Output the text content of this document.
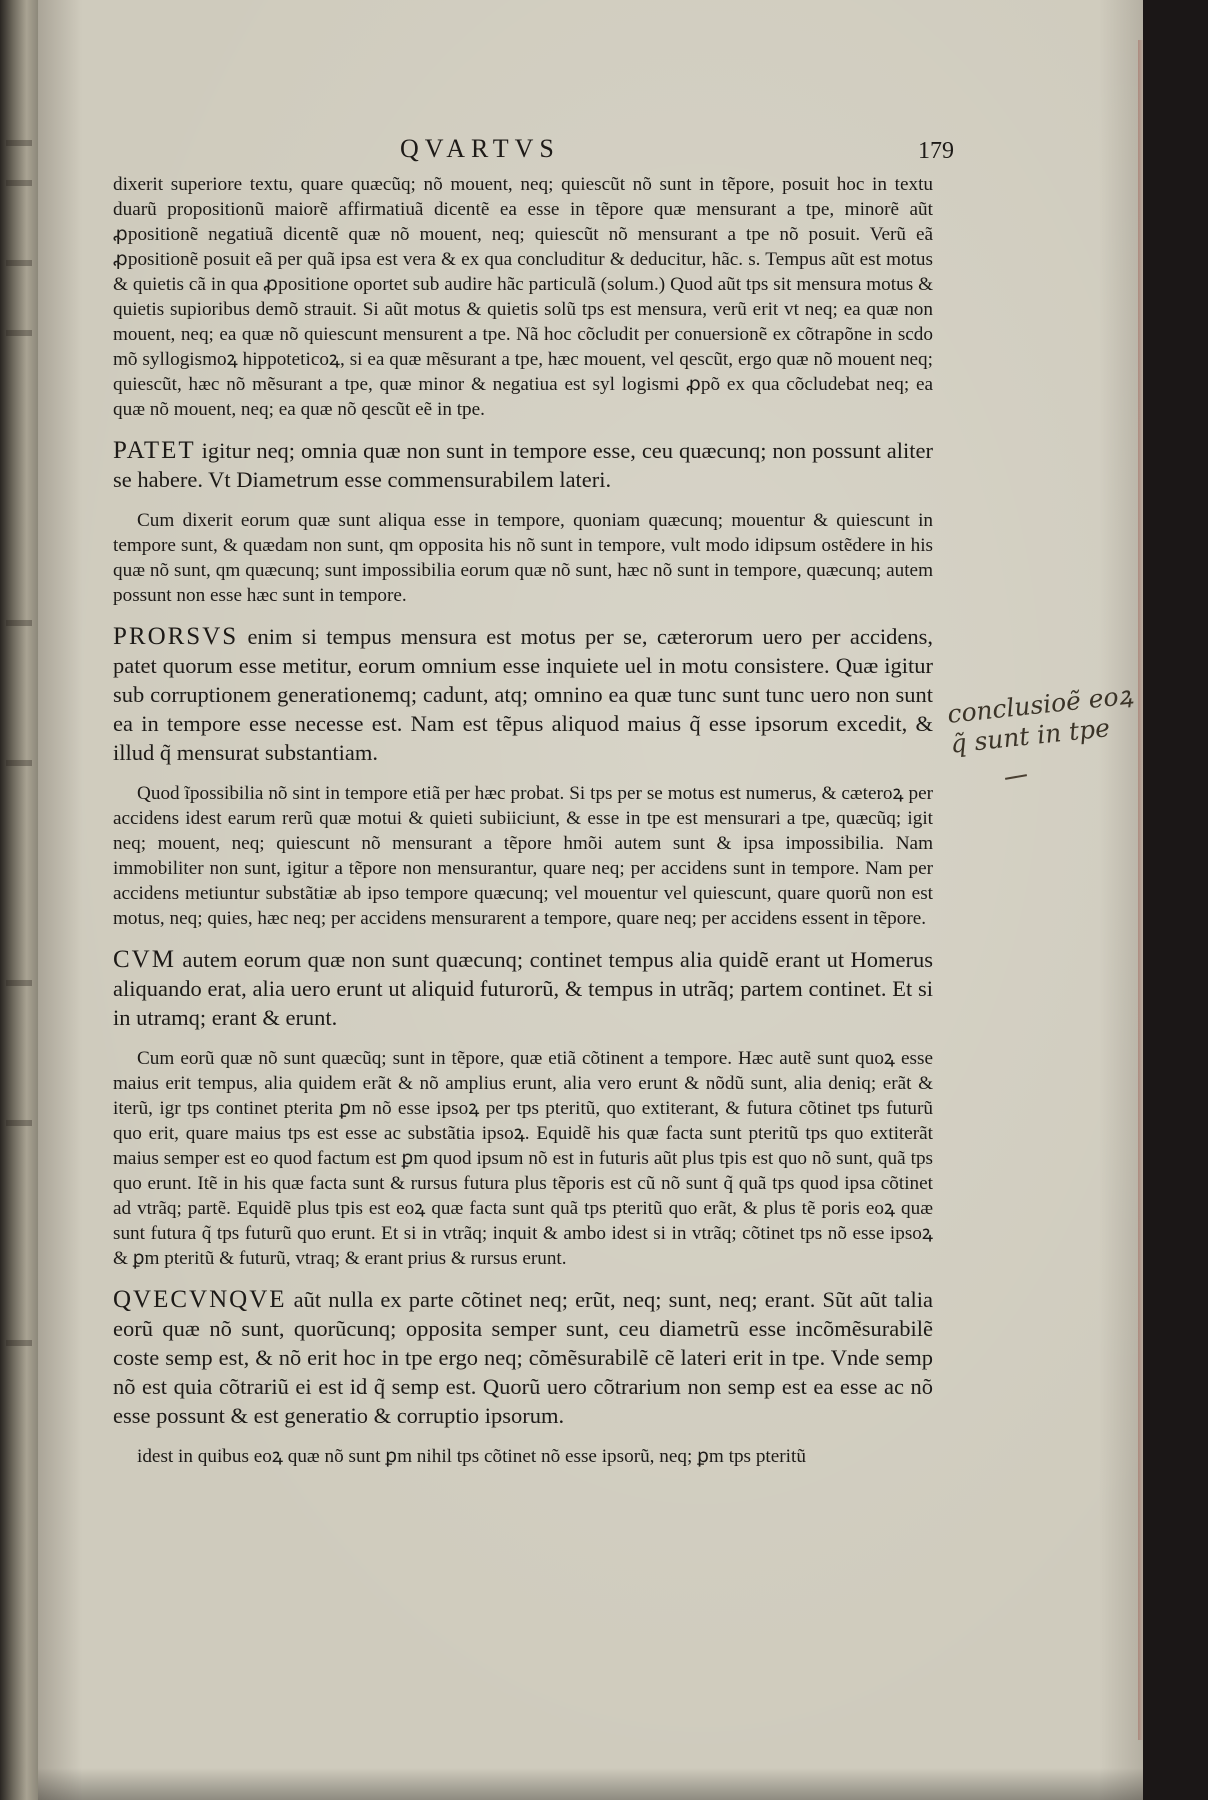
QVARTVS	179

dixerit superiore textu, quare quæcũq; nõ mouent, neq; quiescũt nõ sunt in tẽpore, posuit hoc in textu duarũ propositionũ maiorẽ affirmatiuã dicentẽ ea esse in tẽpore quæ mensurant a tpe, minorẽ aũt ꝓpositionẽ negatiuã dicentẽ quæ nõ mouent, neq; quiescũt nõ mensurant a tpe nõ posuit. Verũ eã ꝓpositionẽ posuit eã per quã ipsa est vera & ex qua concluditur & deducitur, hãc. s. Tempus aũt est motus & quietis cã in qua ꝓpositione oportet sub audire hãc particulã (solum.) Quod aũt tps sit mensura motus & quietis supioribus demõ strauit. Si aũt motus & quietis solũ tps est mensura, verũ erit vt neq; ea quæ non mouent, neq; ea quæ nõ quiescunt mensurent a tpe. Nã hoc cõcludit per conuersionẽ ex cõtrapõne in scdo mõ syllogismoꝝ hippoteticoꝝ, si ea quæ mẽsurant a tpe, hæc mouent, vel qescũt, ergo quæ nõ mouent neq; quiescũt, hæc nõ mẽsurant a tpe, quæ minor & negatiua est syl logismi ꝓpõ ex qua cõcludebat neq; ea quæ nõ mouent, neq; ea quæ nõ qescũt eẽ in tpe.

PATET igitur neq; omnia quæ non sunt in tempore esse, ceu quæcunq; non possunt aliter se habere. Vt Diametrum esse commensurabilem lateri.

Cum dixerit eorum quæ sunt aliqua esse in tempore, quoniam quæcunq; mouentur & quiescunt in tempore sunt, & quædam non sunt, qm opposita his nõ sunt in tempore, vult modo idipsum ostẽdere in his quæ nõ sunt, qm quæcunq; sunt impossibilia eorum quæ nõ sunt, hæc nõ sunt in tempore, quæcunq; autem possunt non esse hæc sunt in tempore.

PRORSVS enim si tempus mensura est motus per se, cæterorum uero per accidens, patet quorum esse metitur, eorum omnium esse inquiete uel in motu consistere. Quæ igitur sub corruptionem generationemq; cadunt, atq; omnino ea quæ tunc sunt tunc uero non sunt ea in tempore esse necesse est. Nam est tẽpus aliquod maius q̃ esse ipsorum excedit, & illud q̃ mensurat substantiam.

Quod ĩpossibilia nõ sint in tempore etiã per hæc probat. Si tps per se motus est numerus, & cæteroꝝ per accidens idest earum rerũ quæ motui & quieti subiiciunt, & esse in tpe est mensurari a tpe, quæcũq; igit neq; mouent, neq; quiescunt nõ mensurant a tẽpore hmõi autem sunt & ipsa impossibilia. Nam immobiliter non sunt, igitur a tẽpore non mensurantur, quare neq; per accidens sunt in tempore. Nam per accidens metiuntur substãtiæ ab ipso tempore quæcunq; vel mouentur vel quiescunt, quare quorũ non est motus, neq; quies, hæc neq; per accidens mensurarent a tempore, quare neq; per accidens essent in tẽpore.

CVM autem eorum quæ non sunt quæcunq; continet tempus alia quidẽ erant ut Homerus aliquando erat, alia uero erunt ut aliquid futurorũ, & tempus in utrãq; partem continet. Et si in utramq; erant & erunt.

Cum eorũ quæ nõ sunt quæcũq; sunt in tẽpore, quæ etiã cõtinent a tempore. Hæc autẽ sunt quoꝝ esse maius erit tempus, alia quidem erãt & nõ amplius erunt, alia vero erunt & nõdũ sunt, alia deniq; erãt & iterũ, igr tps continet pterita ꝑm nõ esse ipsoꝝ per tps pteritũ, quo extiterant, & futura cõtinet tps futurũ quo erit, quare maius tps est esse ac substãtia ipsoꝝ. Equidẽ his quæ facta sunt pteritũ tps quo extiterãt maius semper est eo quod factum est ꝑm quod ipsum nõ est in futuris aũt plus tpis est quo nõ sunt, quã tps quo erunt. Itẽ in his quæ facta sunt & rursus futura plus tẽporis est cũ nõ sunt q̃ quã tps quod ipsa cõtinet ad vtrãq; partẽ. Equidẽ plus tpis est eoꝝ quæ facta sunt quã tps pteritũ quo erãt, & plus tẽ poris eoꝝ quæ sunt futura q̃ tps futurũ quo erunt. Et si in vtrãq; inquit & ambo idest si in vtrãq; cõtinet tps nõ esse ipsoꝝ & ꝑm pteritũ & futurũ, vtraq; & erant prius & rursus erunt.

QVECVNQVE aũt nulla ex parte cõtinet neq; erũt, neq; sunt, neq; erant. Sũt aũt talia eorũ quæ nõ sunt, quorũcunq; opposita semper sunt, ceu diametrũ esse incõmẽsurabilẽ coste semp est, & nõ erit hoc in tpe ergo neq; cõmẽsurabilẽ cẽ lateri erit in tpe. Vnde semp nõ est quia cõtrariũ ei est id q̃ semp est. Quorũ uero cõtrarium non semp est ea esse ac nõ esse possunt & est generatio & corruptio ipsorum.

idest in quibus eoꝝ quæ nõ sunt ꝑm nihil tps cõtinet nõ esse ipsorũ, neq; ꝑm tps pteritũ

conclusioẽ eoꝝ q̃ sunt in tpe
